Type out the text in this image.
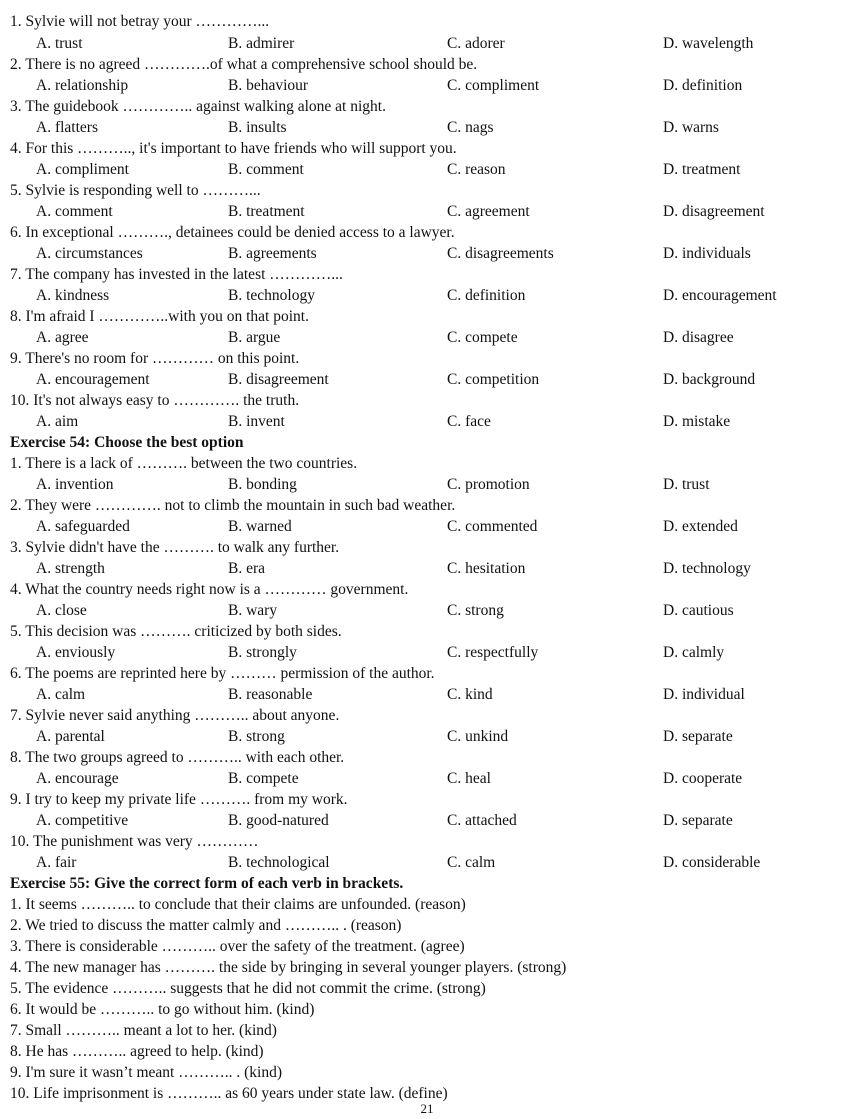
1. Sylvie will not betray your …………...
A. trust	B. admirer	C. adorer	D. wavelength
2. There is no agreed ………….of what a comprehensive school should be.
A. relationship	B. behaviour	C. compliment	D. definition
3. The guidebook ………….. against walking alone at night.
A. flatters	B. insults	C. nags	D. warns
4. For this ……….., it's important to have friends who will support you.
A. compliment	B. comment	C. reason	D. treatment
5. Sylvie is responding well to ………...
A. comment	B. treatment	C. agreement	D. disagreement
6. In exceptional ………., detainees could be denied access to a lawyer.
A. circumstances	B. agreements	C. disagreements	D. individuals
7. The company has invested in the latest …………...
A. kindness	B. technology	C. definition	D. encouragement
8. I'm afraid I …………..with you on that point.
A. agree	B. argue	C. compete	D. disagree
9. There's no room for ………… on this point.
A. encouragement	B. disagreement	C. competition	D. background
10. It's not always easy to …………. the truth.
A. aim	B. invent	C. face	D. mistake
Exercise 54: Choose the best option
1. There is a lack of ………. between the two countries.
A. invention	B. bonding	C. promotion	D. trust
2. They were …………. not to climb the mountain in such bad weather.
A. safeguarded	B. warned	C. commented	D. extended
3. Sylvie didn't have the ………. to walk any further.
A. strength	B. era	C. hesitation	D. technology
4. What the country needs right now is a ………… government.
A. close	B. wary	C. strong	D. cautious
5. This decision was ………. criticized by both sides.
A. enviously	B. strongly	C. respectfully	D. calmly
6. The poems are reprinted here by ……… permission of the author.
A. calm	B. reasonable	C. kind	D. individual
7. Sylvie never said anything ……….. about anyone.
A. parental	B. strong	C. unkind	D. separate
8. The two groups agreed to ……….. with each other.
A. encourage	B. compete	C. heal	D. cooperate
9. I try to keep my private life ………. from my work.
A. competitive	B. good-natured	C. attached	D. separate
10. The punishment was very …………
A. fair	B. technological	C. calm	D. considerable
Exercise 55: Give the correct form of each verb in brackets.
1. It seems ……….. to conclude that their claims are unfounded. (reason)
2. We tried to discuss the matter calmly and ……….. . (reason)
3. There is considerable ……….. over the safety of the treatment. (agree)
4. The new manager has ………. the side by bringing in several younger players. (strong)
5. The evidence ……….. suggests that he did not commit the crime. (strong)
6. It would be ……….. to go without him. (kind)
7. Small ……….. meant a lot to her. (kind)
8. He has ……….. agreed to help. (kind)
9. I'm sure it wasn’t meant ……….. . (kind)
10. Life imprisonment is ……….. as 60 years under state law. (define)
21
